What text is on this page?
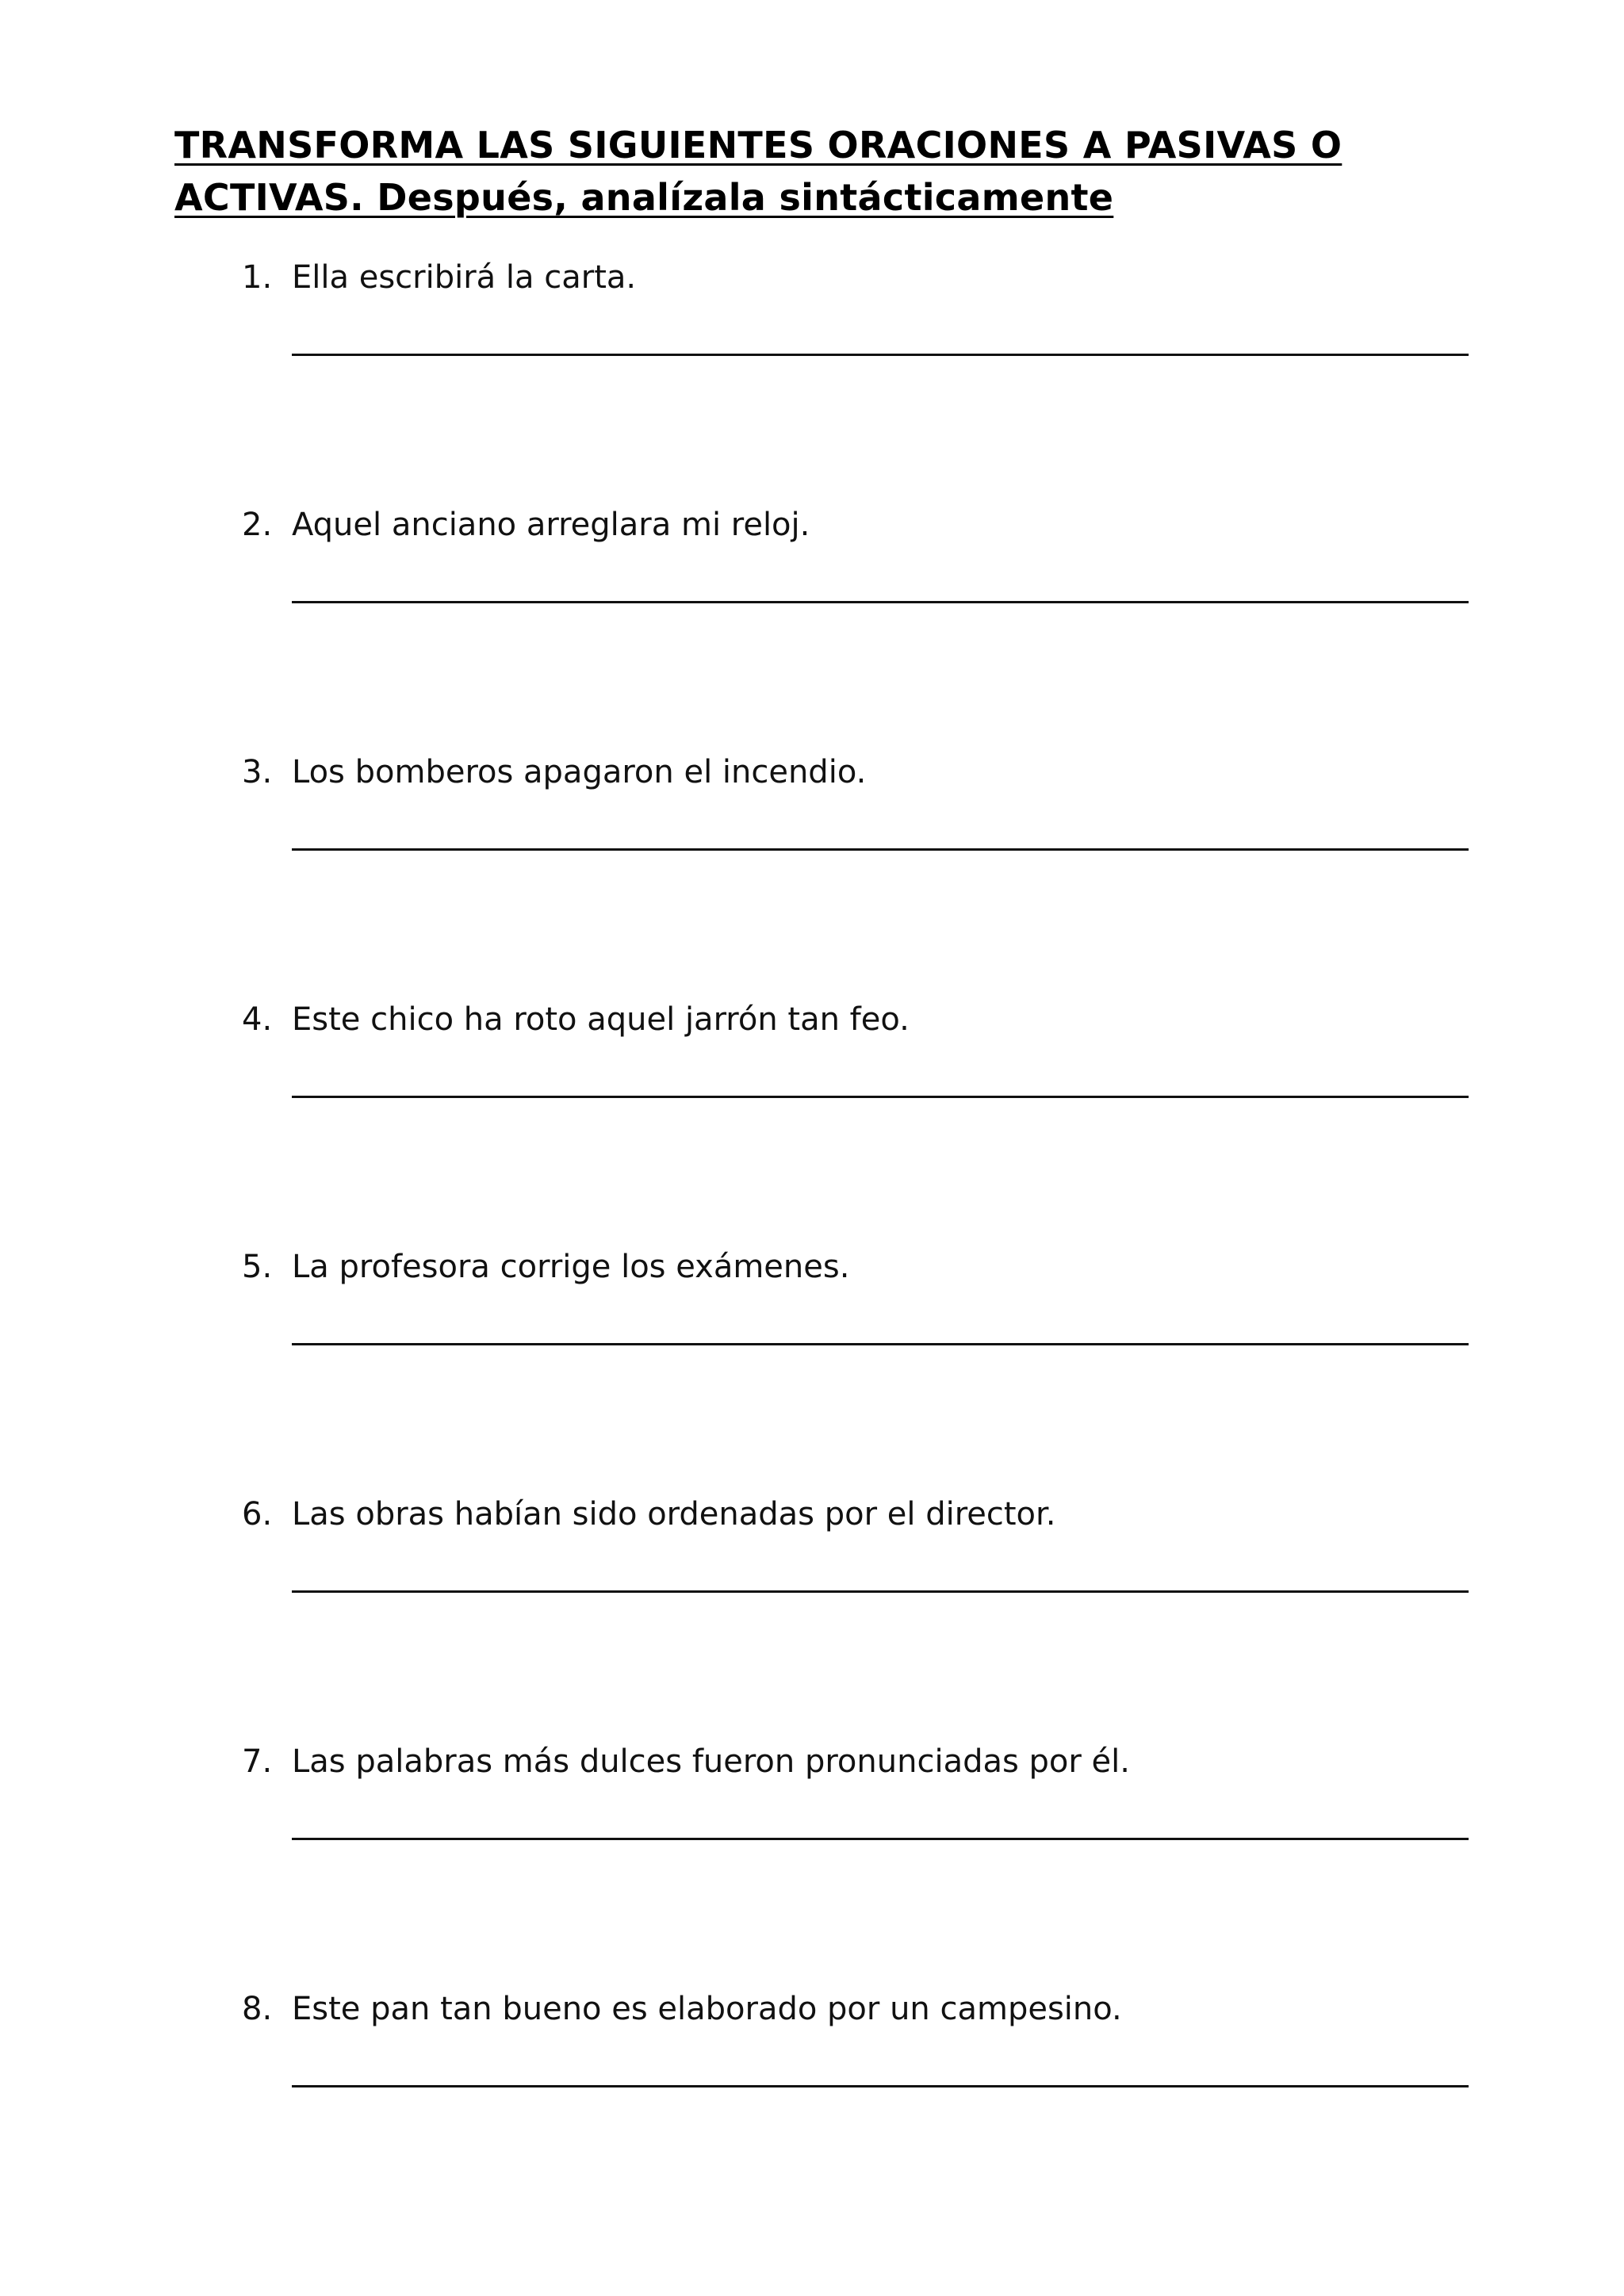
TRANSFORMA LAS SIGUIENTES ORACIONES A PASIVAS O
ACTIVAS. Después, analízala sintácticamente
1. Ella escribirá la carta.
2. Aquel anciano arreglara mi reloj.
3. Los bomberos apagaron el incendio.
4. Este chico ha roto aquel jarrón tan feo.
5. La profesora corrige los exámenes.
6. Las obras habían sido ordenadas por el director.
7. Las palabras más dulces fueron pronunciadas por él.
8. Este pan tan bueno es elaborado por un campesino.
